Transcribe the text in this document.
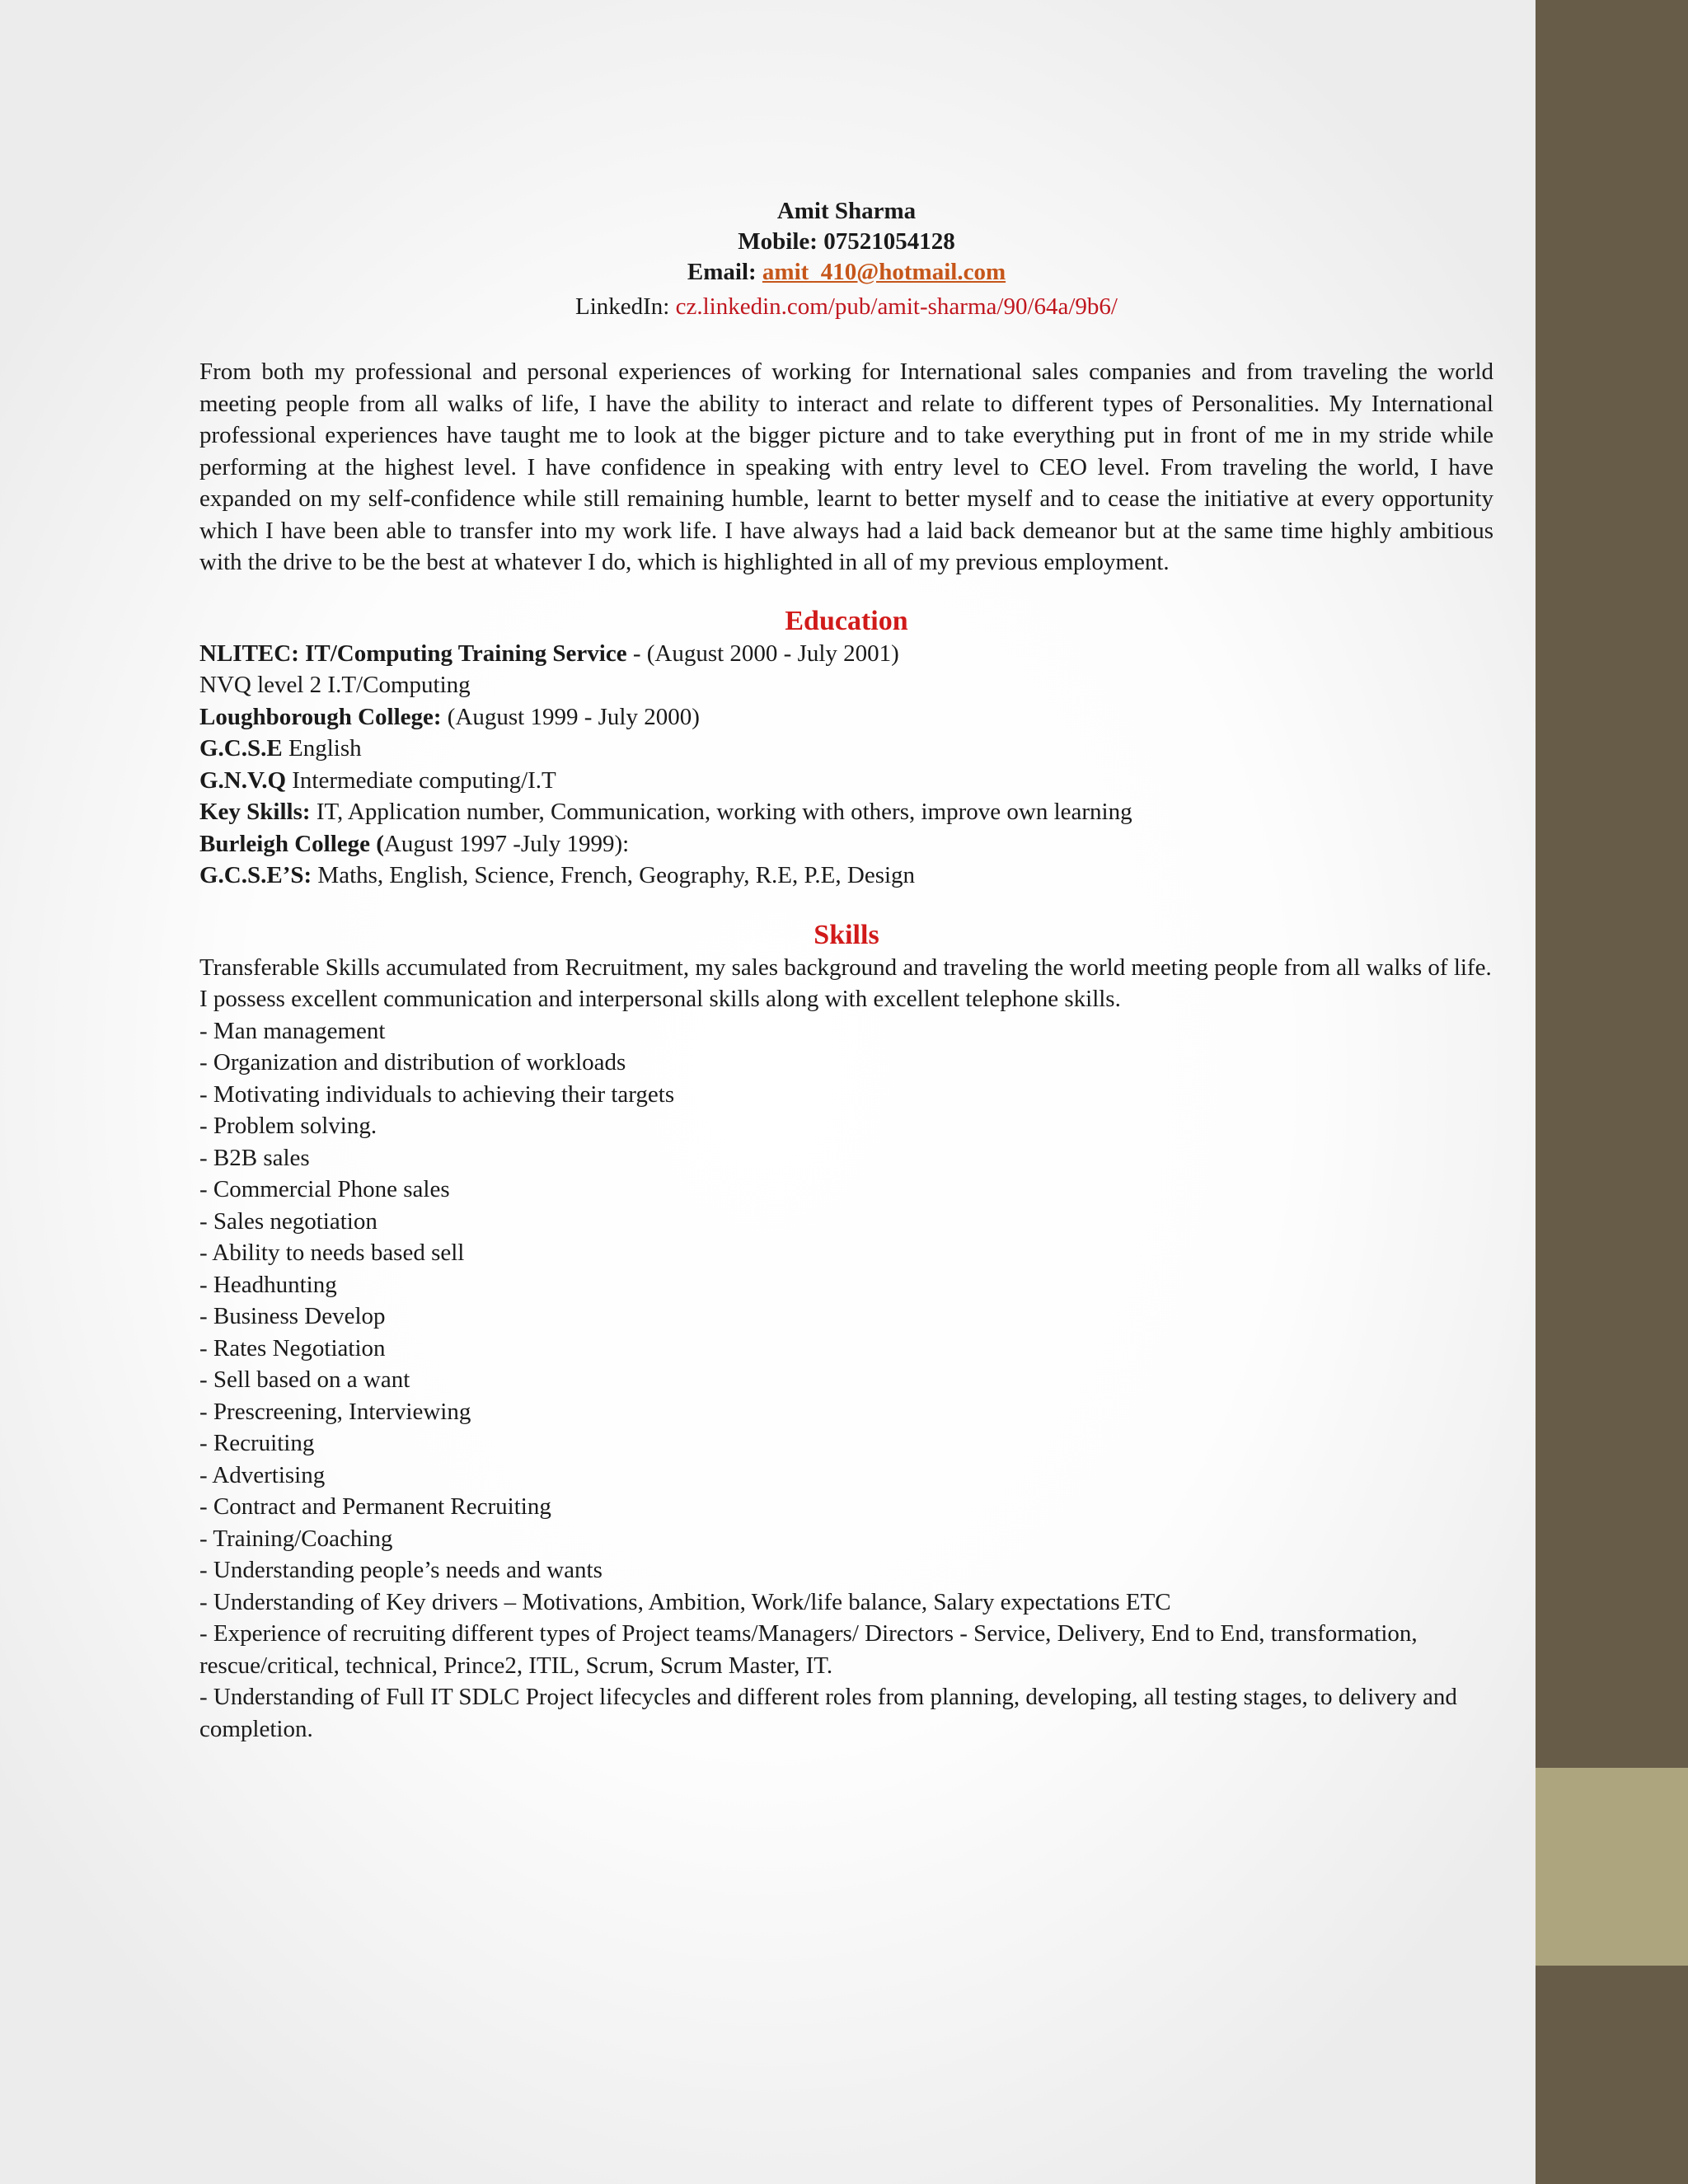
Amit Sharma
Mobile: 07521054128
Email: amit_410@hotmail.com
LinkedIn: cz.linkedin.com/pub/amit-sharma/90/64a/9b6/
From both my professional and personal experiences of working for International sales companies and from traveling the world meeting people from all walks of life, I have the ability to interact and relate to different types of Personalities. My International professional experiences have taught me to look at the bigger picture and to take everything put in front of me in my stride while performing at the highest level. I have confidence in speaking with entry level to CEO level. From traveling the world, I have expanded on my self-confidence while still remaining humble, learnt to better myself and to cease the initiative at every opportunity which I have been able to transfer into my work life. I have always had a laid back demeanor but at the same time highly ambitious with the drive to be the best at whatever I do, which is highlighted in all of my previous employment.
Education
NLITEC: IT/Computing Training Service - (August 2000 - July 2001)
NVQ level 2 I.T/Computing
Loughborough College: (August 1999 - July 2000)
G.C.S.E English
G.N.V.Q Intermediate computing/I.T
Key Skills: IT, Application number, Communication, working with others, improve own learning
Burleigh College (August 1997 -July 1999):
G.C.S.E’S: Maths, English, Science, French, Geography, R.E, P.E, Design
Skills
Transferable Skills accumulated from Recruitment, my sales background and traveling the world meeting people from all walks of life. I possess excellent communication and interpersonal skills along with excellent telephone skills.
- Man management
- Organization and distribution of workloads
- Motivating individuals to achieving their targets
- Problem solving.
- B2B sales
- Commercial Phone sales
- Sales negotiation
- Ability to needs based sell
- Headhunting
- Business Develop
- Rates Negotiation
- Sell based on a want
- Prescreening, Interviewing
- Recruiting
- Advertising
- Contract and Permanent Recruiting
- Training/Coaching
- Understanding people’s needs and wants
- Understanding of Key drivers – Motivations, Ambition, Work/life balance, Salary expectations ETC
- Experience of recruiting different types of Project teams/Managers/ Directors - Service, Delivery, End to End, transformation, rescue/critical, technical, Prince2, ITIL, Scrum, Scrum Master, IT.
- Understanding of Full IT SDLC Project lifecycles and different roles from planning, developing, all testing stages, to delivery and completion.
